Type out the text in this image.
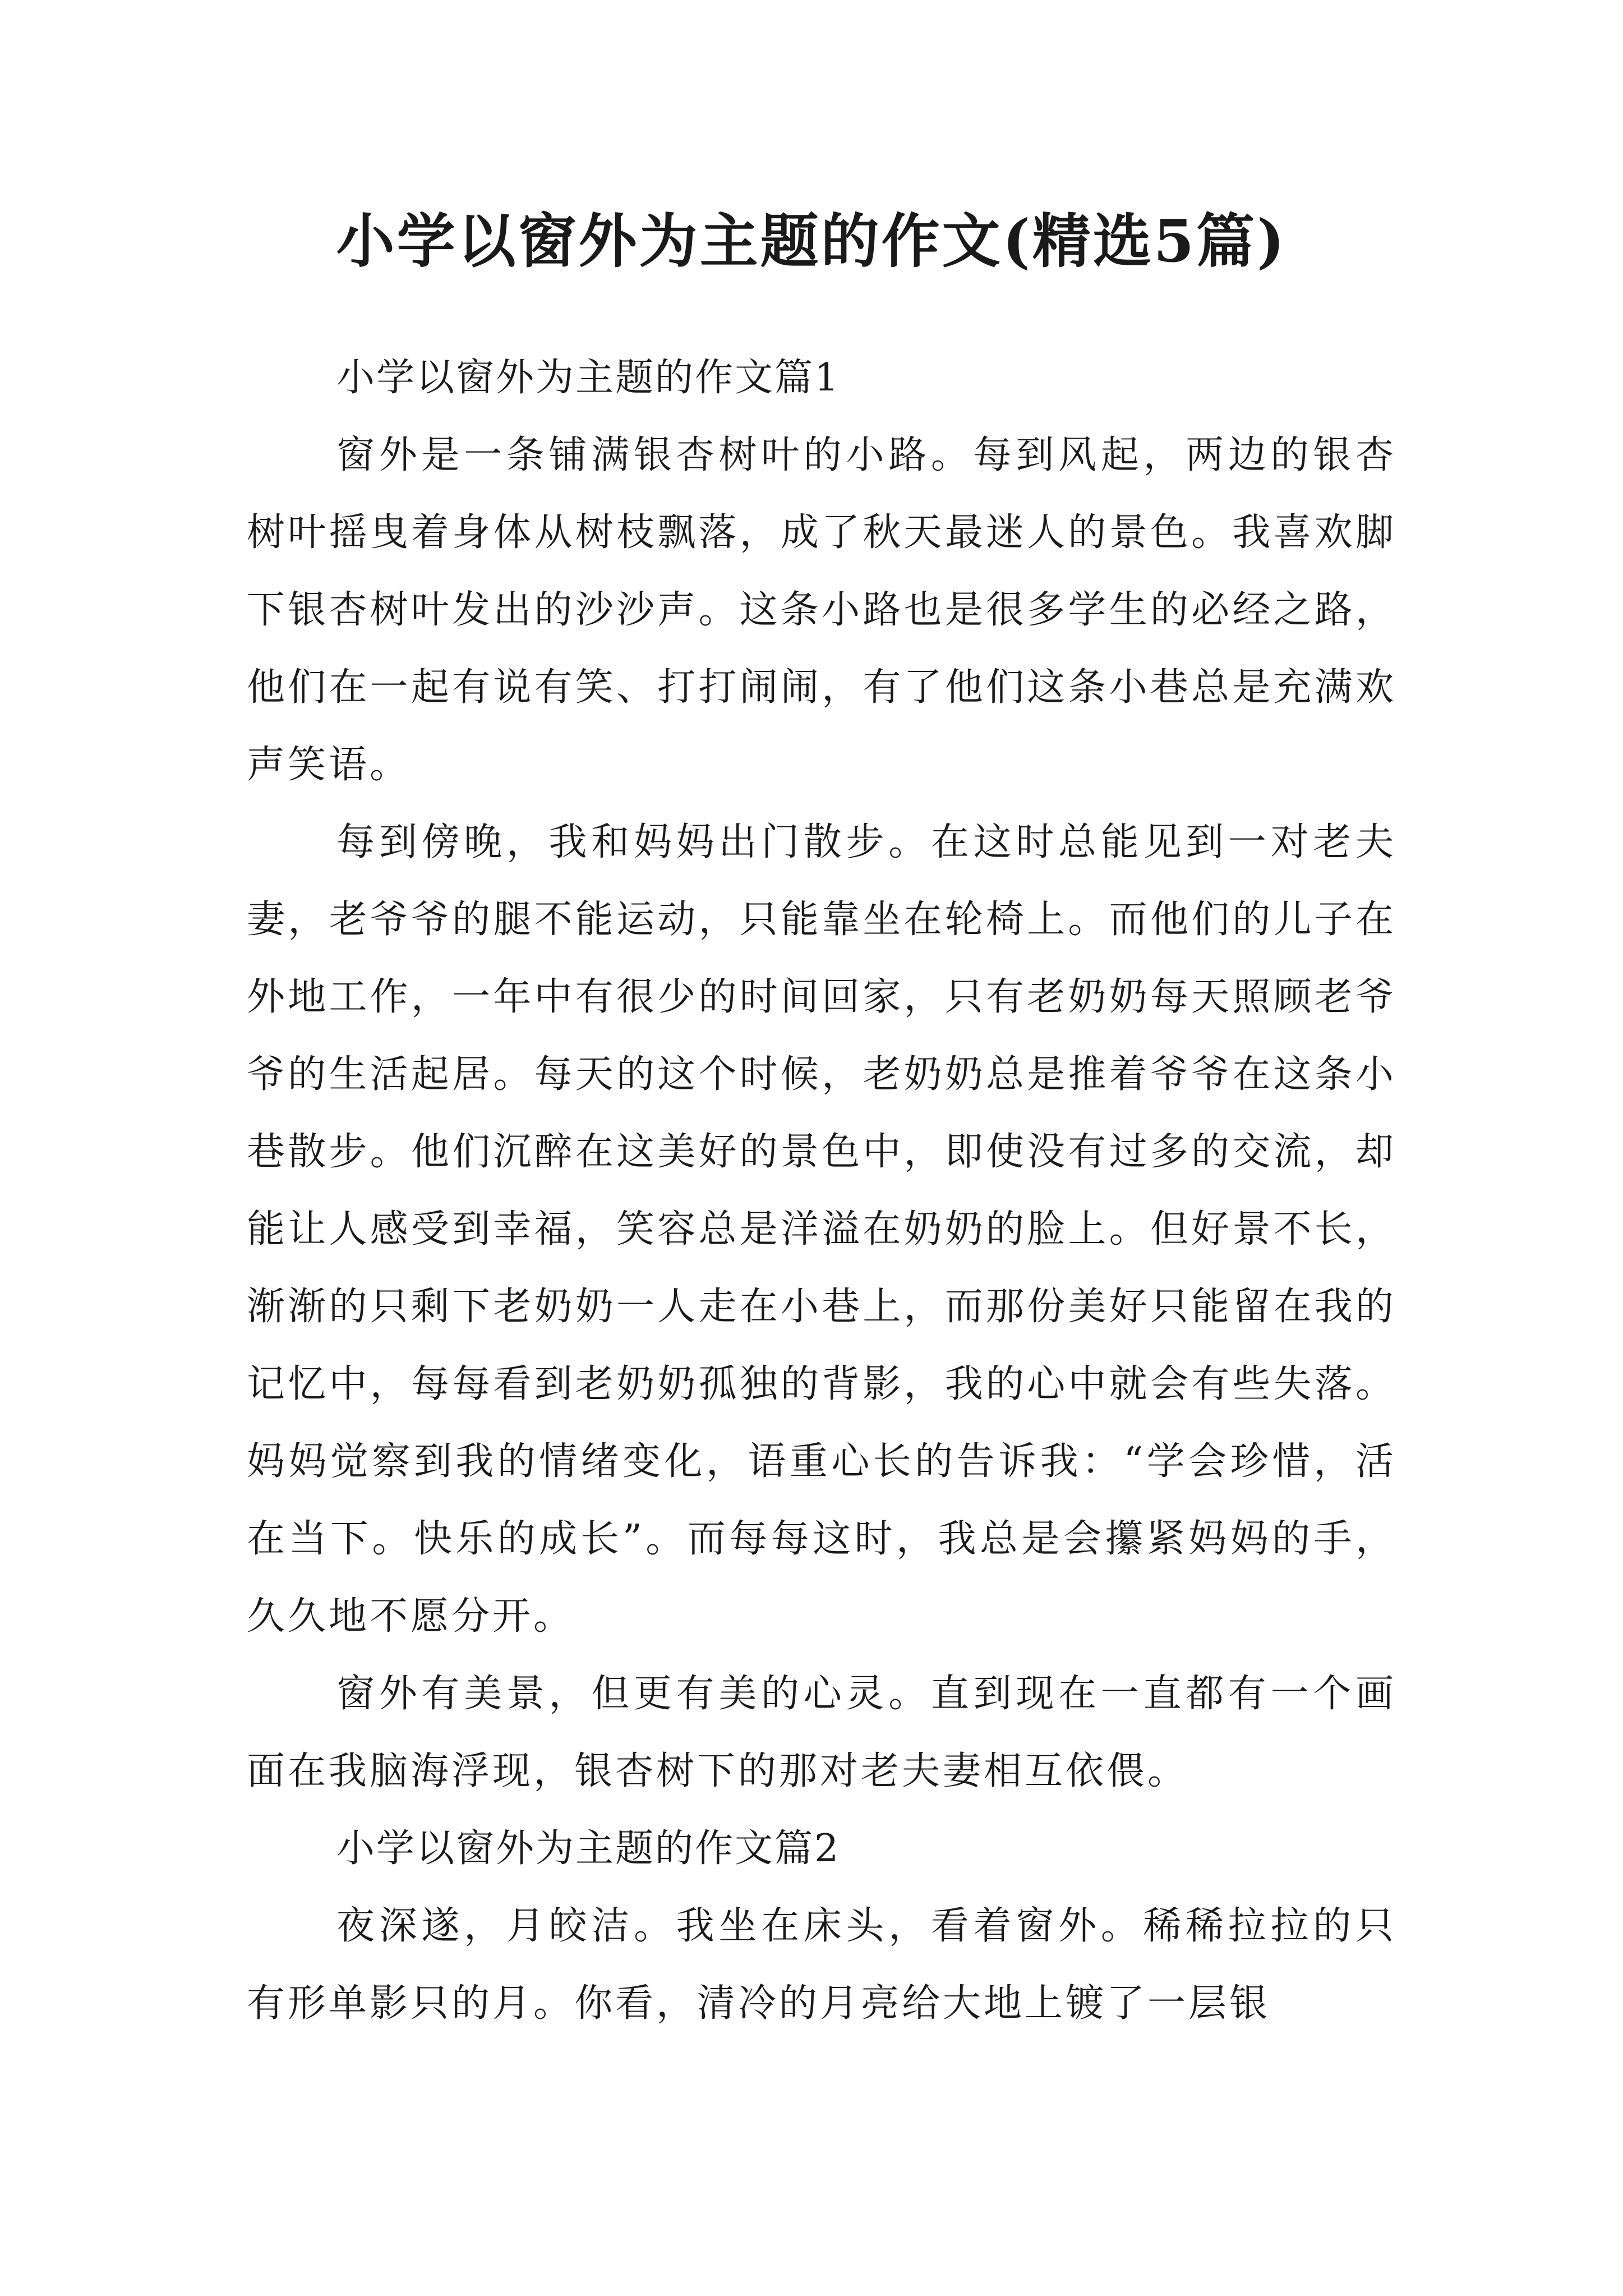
小学以窗外为主题的作文(精选5篇)

小学以窗外为主题的作文篇1

窗外是一条铺满银杏树叶的小路。每到风起，两边的银杏树叶摇曳着身体从树枝飘落，成了秋天最迷人的景色。我喜欢脚下银杏树叶发出的沙沙声。这条小路也是很多学生的必经之路，他们在一起有说有笑、打打闹闹，有了他们这条小巷总是充满欢声笑语。

每到傍晚，我和妈妈出门散步。在这时总能见到一对老夫妻，老爷爷的腿不能运动，只能靠坐在轮椅上。而他们的儿子在外地工作，一年中有很少的时间回家，只有老奶奶每天照顾老爷爷的生活起居。每天的这个时候，老奶奶总是推着爷爷在这条小巷散步。他们沉醉在这美好的景色中，即使没有过多的交流，却能让人感受到幸福，笑容总是洋溢在奶奶的脸上。但好景不长，渐渐的只剩下老奶奶一人走在小巷上，而那份美好只能留在我的记忆中，每每看到老奶奶孤独的背影，我的心中就会有些失落。妈妈觉察到我的情绪变化，语重心长的告诉我：“学会珍惜，活在当下。快乐的成长”。而每每这时，我总是会攥紧妈妈的手，久久地不愿分开。

窗外有美景，但更有美的心灵。直到现在一直都有一个画面在我脑海浮现，银杏树下的那对老夫妻相互依偎。

小学以窗外为主题的作文篇2

夜深遂，月皎洁。我坐在床头，看着窗外。稀稀拉拉的只有形单影只的月。你看，清冷的月亮给大地上镀了一层银
